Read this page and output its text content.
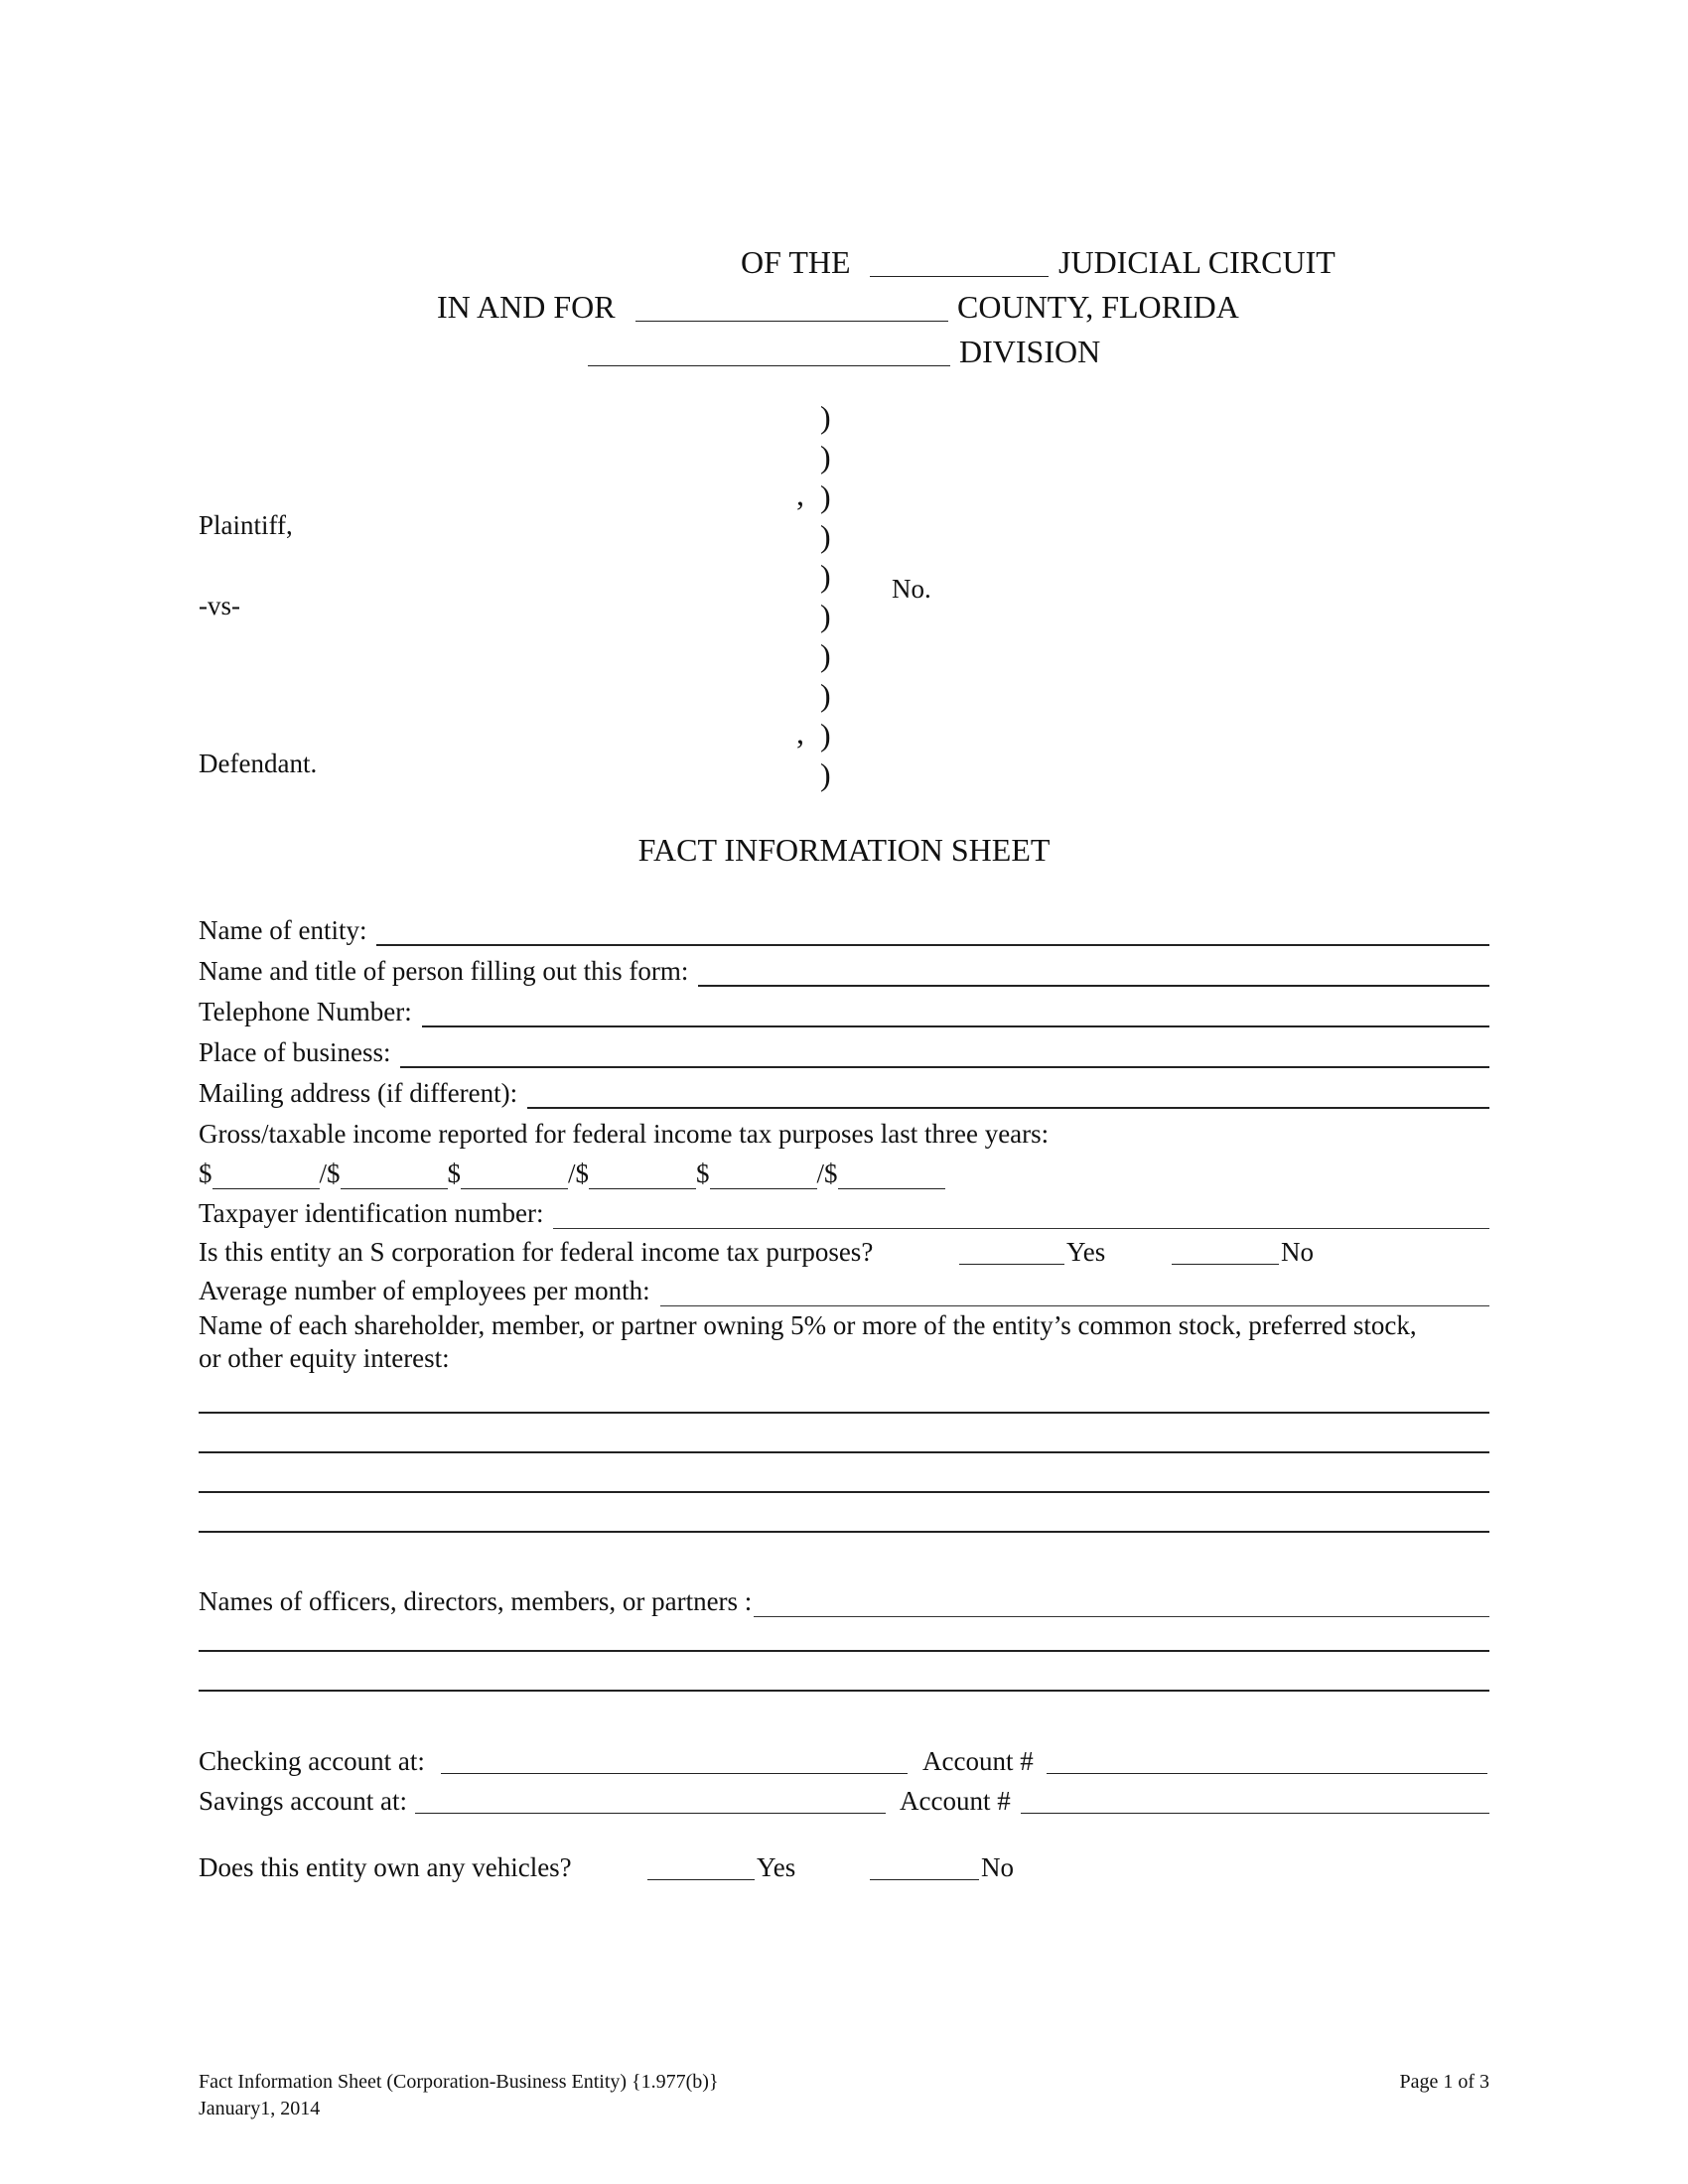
OF THE	JUDICIAL CIRCUIT
IN AND FOR	COUNTY, FLORIDA
DIVISION
)
)
, )
)
)
)
)
)
, )
)
Plaintiff,
-vs-
No.
Defendant.
FACT INFORMATION SHEET
Name of entity:
Name and title of person filling out this form:
Telephone Number:
Place of business:
Mailing address (if different):
Gross/taxable income reported for federal income tax purposes last three years:
$	/$	$	/$	$	/$
Taxpayer identification number:
Is this entity an S corporation for federal income tax purposes?	Yes	No
Average number of employees per month:
Name of each shareholder, member, or partner owning 5% or more of the entity’s common stock, preferred stock,
or other equity interest:
Names of officers, directors, members, or partners :
Checking account at:	Account #
Savings account at:	Account #
Does this entity own any vehicles?	Yes	No
Fact Information Sheet (Corporation-Business Entity) {1.977(b)}
January1, 2014
Page 1 of 3
